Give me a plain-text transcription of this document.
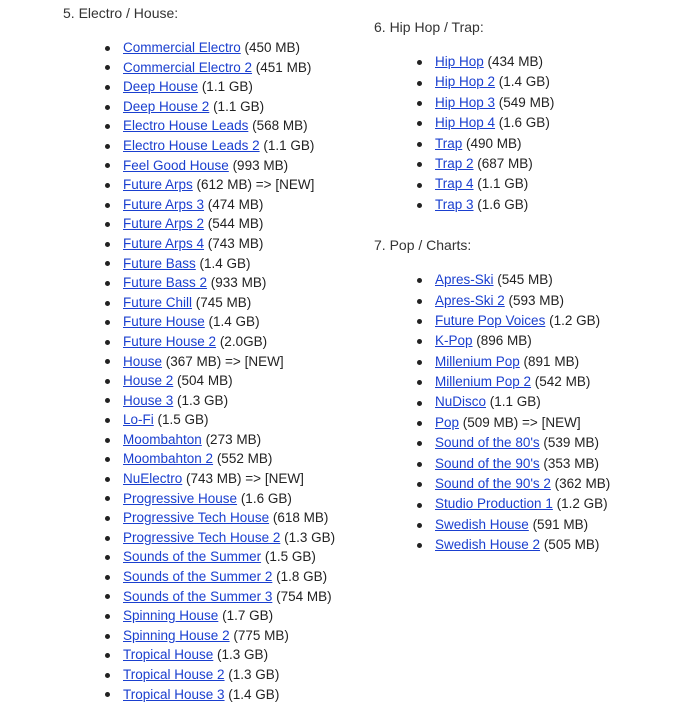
5. Electro / House:
Commercial Electro (450 MB)
Commercial Electro 2 (451 MB)
Deep House (1.1 GB)
Deep House 2 (1.1 GB)
Electro House Leads (568 MB)
Electro House Leads 2 (1.1 GB)
Feel Good House (993 MB)
Future Arps (612 MB) => [NEW]
Future Arps 3 (474 MB)
Future Arps 2 (544 MB)
Future Arps 4 (743 MB)
Future Bass (1.4 GB)
Future Bass 2 (933 MB)
Future Chill (745 MB)
Future House (1.4 GB)
Future House 2 (2.0GB)
House (367 MB) => [NEW]
House 2 (504 MB)
House 3 (1.3 GB)
Lo-Fi (1.5 GB)
Moombahton (273 MB)
Moombahton 2 (552 MB)
NuElectro (743 MB) => [NEW]
Progressive House (1.6 GB)
Progressive Tech House (618 MB)
Progressive Tech House 2 (1.3 GB)
Sounds of the Summer (1.5 GB)
Sounds of the Summer 2 (1.8 GB)
Sounds of the Summer 3 (754 MB)
Spinning House (1.7 GB)
Spinning House 2 (775 MB)
Tropical House (1.3 GB)
Tropical House 2 (1.3 GB)
Tropical House 3 (1.4 GB)
6. Hip Hop / Trap:
Hip Hop (434 MB)
Hip Hop 2 (1.4 GB)
Hip Hop 3 (549 MB)
Hip Hop 4 (1.6 GB)
Trap (490 MB)
Trap 2 (687 MB)
Trap 4 (1.1 GB)
Trap 3 (1.6 GB)
7. Pop / Charts:
Apres-Ski (545 MB)
Apres-Ski 2 (593 MB)
Future Pop Voices (1.2 GB)
K-Pop (896 MB)
Millenium Pop (891 MB)
Millenium Pop 2 (542 MB)
NuDisco (1.1 GB)
Pop (509 MB) => [NEW]
Sound of the 80's (539 MB)
Sound of the 90's (353 MB)
Sound of the 90's 2 (362 MB)
Studio Production 1 (1.2 GB)
Swedish House (591 MB)
Swedish House 2 (505 MB)
